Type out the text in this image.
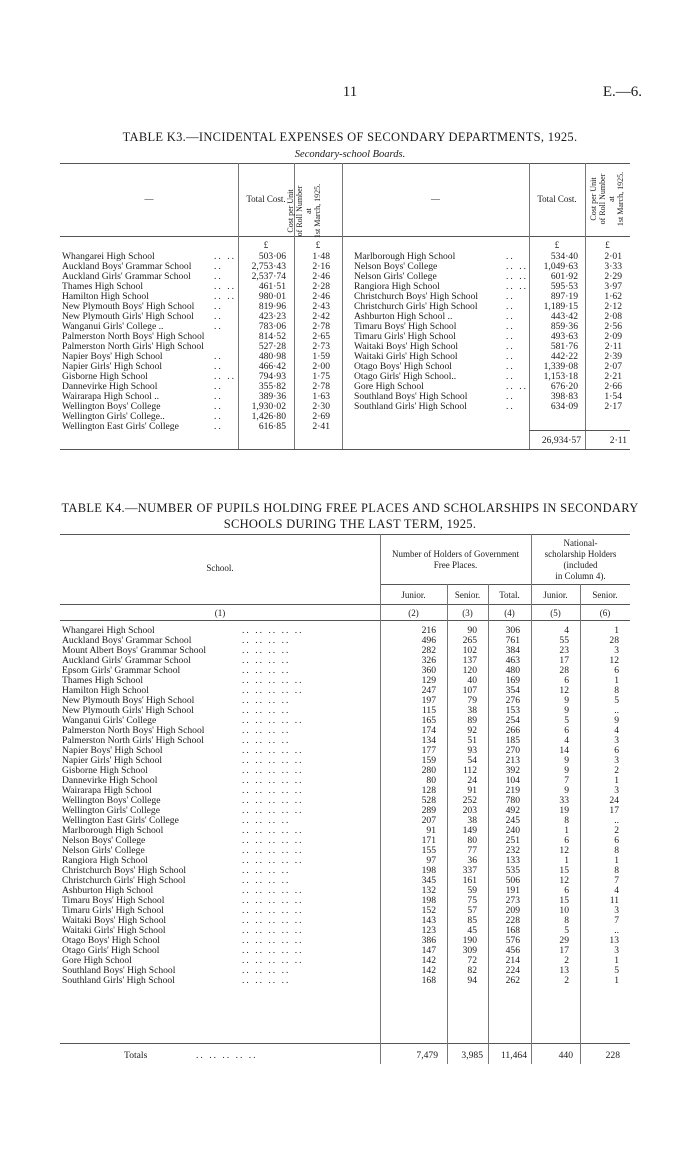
11	E.—6.
TABLE K3.—INCIDENTAL EXPENSES OF SECONDARY DEPARTMENTS, 1925.
Secondary-school Boards.
—	Total Cost. Cost per Unit of Roll Number at 1st March, 1925.	—	Total Cost.	Cost per Unit of Roll Number at 1st March, 1925.
£	£	£	£
Whangarei High School	.. ..	503·06	1·48
Auckland Boys' Grammar School	..	2,753·43	2·16
Auckland Girls' Grammar School	..	2,537·74	2·46
Thames High School	.. ..	461·51	2·28
Hamilton High School	.. ..	980·01	2·46
New Plymouth Boys' High School	..	819·96	2·43
New Plymouth Girls' High School	..	423·23	2·42
Wanganui Girls' College ..	..	783·06	2·78
Palmerston North Boys' High School		814·52	2·65
Palmerston North Girls' High School		527·28	2·73
Napier Boys' High School	..	480·98	1·59
Napier Girls' High School	..	466·42	2·00
Gisborne High School	.. ..	794·93	1·75
Dannevirke High School	..	355·82	2·78
Wairarapa High School ..	..	389·36	1·63
Wellington Boys' College	..	1,930·02	2·30
Wellington Girls' College..	..	1,426·80	2·69
Wellington East Girls' College	..	616·85	2·41
Marlborough High School	..	534·40	2·01
Nelson Boys' College	.. ..	1,049·63	3·33
Nelson Girls' College	.. ..	601·92	2·29
Rangiora High School	.. ..	595·53	3·97
Christchurch Boys' High School	..	897·19	1·62
Christchurch Girls' High School	..	1,189·15	2·12
Ashburton High School ..	..	443·42	2·08
Timaru Boys' High School	..	859·36	2·56
Timaru Girls' High School	..	493·63	2·09
Waitaki Boys' High School	..	581·76	2·11
Waitaki Girls' High School	..	442·22	2·39
Otago Boys' High School	..	1,339·08	2·07
Otago Girls' High School..	..	1,153·18	2·21
Gore High School	.. ..	676·20	2·66
Southland Boys' High School	..	398·83	1·54
Southland Girls' High School	..	634·09	2·17
26,934·57	2·11
TABLE K4.—NUMBER OF PUPILS HOLDING FREE PLACES AND SCHOLARSHIPS IN SECONDARY
SCHOOLS DURING THE LAST TERM, 1925.
School.
Number of Holders of Government
Free Places.
National-
scholarship Holders
(included
in Column 4).
Junior.	Senior.	Total.	Junior.	Senior.
(1)	(2)	(3)	(4)	(5)	(6)
Whangarei High School	.. .. .. .. ..	216	90	306	4	1
Auckland Boys' Grammar School	.. .. .. ..	496	265	761	55	28
Mount Albert Boys' Grammar School	.. .. .. ..	282	102	384	23	3
Auckland Girls' Grammar School	.. .. .. ..	326	137	463	17	12
Epsom Girls' Grammar School	.. .. .. ..	360	120	480	28	6
Thames High School	.. .. .. .. ..	129	40	169	6	1
Hamilton High School	.. .. .. .. ..	247	107	354	12	8
New Plymouth Boys' High School	.. .. .. ..	197	79	276	9	5
New Plymouth Girls' High School	.. .. .. ..	115	38	153	9	..
Wanganui Girls' College	.. .. .. .. ..	165	89	254	5	9
Palmerston North Boys' High School	.. .. .. ..	174	92	266	6	4
Palmerston North Girls' High School	.. .. .. ..	134	51	185	4	3
Napier Boys' High School	.. .. .. .. ..	177	93	270	14	6
Napier Girls' High School	.. .. .. .. ..	159	54	213	9	3
Gisborne High School	.. .. .. .. ..	280	112	392	9	2
Dannevirke High School	.. .. .. .. ..	80	24	104	7	1
Wairarapa High School	.. .. .. .. ..	128	91	219	9	3
Wellington Boys' College	.. .. .. .. ..	528	252	780	33	24
Wellington Girls' College	.. .. .. .. ..	289	203	492	19	17
Wellington East Girls' College	.. .. .. ..	207	38	245	8	..
Marlborough High School	.. .. .. .. ..	91	149	240	1	2
Nelson Boys' College	.. .. .. .. ..	171	80	251	6	6
Nelson Girls' College	.. .. .. .. ..	155	77	232	12	8
Rangiora High School	.. .. .. .. ..	97	36	133	1	1
Christchurch Boys' High School	.. .. .. ..	198	337	535	15	8
Christchurch Girls' High School	.. .. .. ..	345	161	506	12	7
Ashburton High School	.. .. .. .. ..	132	59	191	6	4
Timaru Boys' High School	.. .. .. .. ..	198	75	273	15	11
Timaru Girls' High School	.. .. .. .. ..	152	57	209	10	3
Waitaki Boys' High School	.. .. .. .. ..	143	85	228	8	7
Waitaki Girls' High School	.. .. .. .. ..	123	45	168	5	..
Otago Boys' High School	.. .. .. .. ..	386	190	576	29	13
Otago Girls' High School	.. .. .. .. ..	147	309	456	17	3
Gore High School	.. .. .. .. ..	142	72	214	2	1
Southland Boys' High School	.. .. .. ..	142	82	224	13	5
Southland Girls' High School	.. .. .. ..	168	94	262	2	1
Totals	.. .. .. .. ..	7,479	3,985	11,464	440	228
